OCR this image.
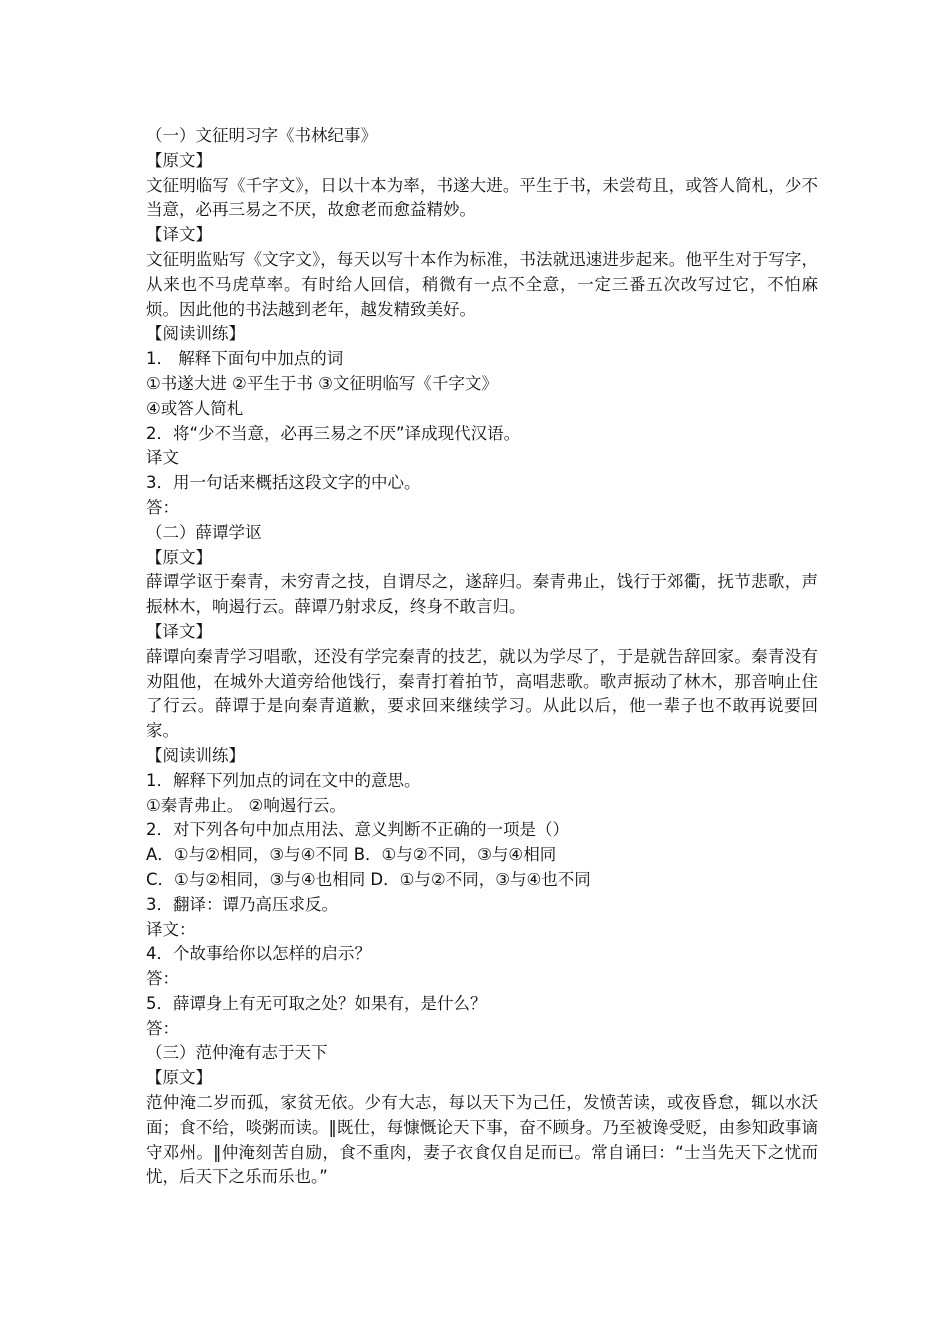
（一）文征明习字《书林纪事》

【原文】

文征明临写《千字文》，日以十本为率，书遂大进。平生于书，未尝苟且，或答人简札，少不当意，必再三易之不厌，故愈老而愈益精妙。

【译文】

文征明监贴写《文字文》，每天以写十本作为标准，书法就迅速进步起来。他平生对于写字，从来也不马虎草率。有时给人回信，稍微有一点不全意，一定三番五次改写过它，不怕麻烦。因此他的书法越到老年，越发精致美好。

【阅读训练】

1． 解释下面句中加点的词

①书遂大进 ②平生于书 ③文征明临写《千字文》

④或答人简札

2．将“少不当意，必再三易之不厌”译成现代汉语。

译文

3．用一句话来概括这段文字的中心。

答：

（二）薛谭学讴

【原文】

薛谭学讴于秦青，未穷青之技，自谓尽之，遂辞归。秦青弗止，饯行于郊衢，抚节悲歌，声振林木，响遏行云。薛谭乃射求反，终身不敢言归。

【译文】

薛谭向秦青学习唱歌，还没有学完秦青的技艺，就以为学尽了，于是就告辞回家。秦青没有劝阻他，在城外大道旁给他饯行，秦青打着拍节，高唱悲歌。歌声振动了林木，那音响止住了行云。薛谭于是向秦青道歉，要求回来继续学习。从此以后，他一辈子也不敢再说要回家。

【阅读训练】

1．解释下列加点的词在文中的意思。

①秦青弗止。 ②响遏行云。

2．对下列各句中加点用法、意义判断不正确的一项是（）

A．①与②相同，③与④不同 B．①与②不同，③与④相同

C．①与②相同，③与④也相同 D．①与②不同，③与④也不同

3．翻译：谭乃高压求反。

译文：

4．个故事给你以怎样的启示？

答：

5．薛谭身上有无可取之处？如果有，是什么？

答：

（三）范仲淹有志于天下

【原文】

范仲淹二岁而孤，家贫无依。少有大志，每以天下为己任，发愤苦读，或夜昏怠，辄以水沃面；食不给，啖粥而读。‖既仕，每慷慨论天下事，奋不顾身。乃至被谗受贬，由参知政事谪守邓州。‖仲淹刻苦自励，食不重肉，妻子衣食仅自足而已。常自诵曰：“士当先天下之忧而忧，后天下之乐而乐也。”
